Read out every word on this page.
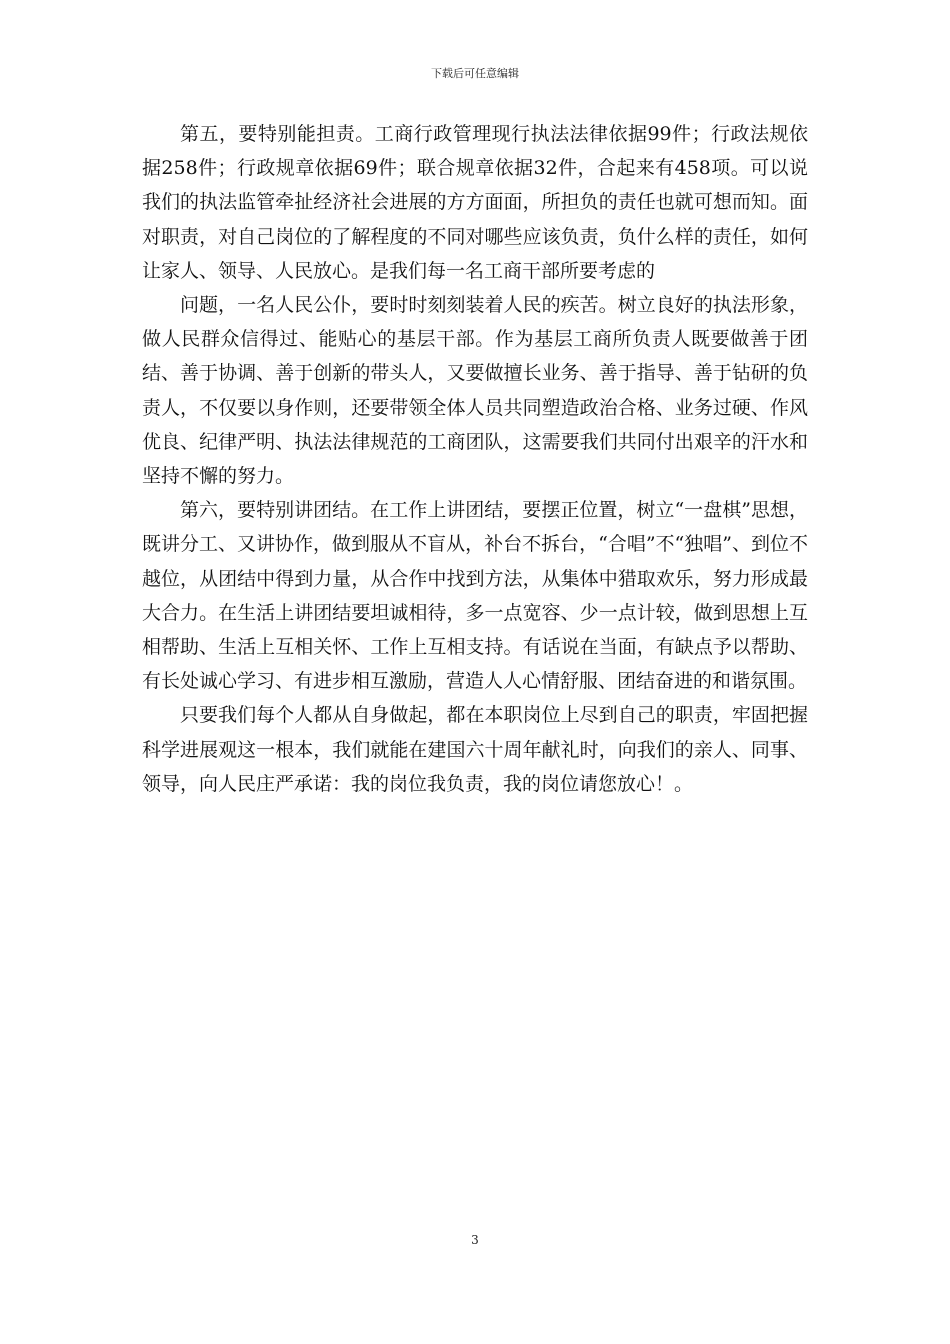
下载后可任意编辑

第五，要特别能担责。工商行政管理现行执法法律依据99件；行政法规依据258件；行政规章依据69件；联合规章依据32件，合起来有458项。可以说我们的执法监管牵扯经济社会进展的方方面面，所担负的责任也就可想而知。面对职责，对自己岗位的了解程度的不同对哪些应该负责，负什么样的责任，如何让家人、领导、人民放心。是我们每一名工商干部所要考虑的

问题，一名人民公仆，要时时刻刻装着人民的疾苦。树立良好的执法形象，做人民群众信得过、能贴心的基层干部。作为基层工商所负责人既要做善于团结、善于协调、善于创新的带头人，又要做擅长业务、善于指导、善于钻研的负责人，不仅要以身作则，还要带领全体人员共同塑造政治合格、业务过硬、作风优良、纪律严明、执法法律规范的工商团队，这需要我们共同付出艰辛的汗水和坚持不懈的努力。

第六，要特别讲团结。在工作上讲团结，要摆正位置，树立“一盘棋”思想，既讲分工、又讲协作，做到服从不盲从，补台不拆台，“合唱”不“独唱”、到位不越位，从团结中得到力量，从合作中找到方法，从集体中猎取欢乐，努力形成最大合力。在生活上讲团结要坦诚相待，多一点宽容、少一点计较，做到思想上互相帮助、生活上互相关怀、工作上互相支持。有话说在当面，有缺点予以帮助、有长处诚心学习、有进步相互激励，营造人人心情舒服、团结奋进的和谐氛围。

只要我们每个人都从自身做起，都在本职岗位上尽到自己的职责，牢固把握科学进展观这一根本，我们就能在建国六十周年献礼时，向我们的亲人、同事、领导，向人民庄严承诺：我的岗位我负责，我的岗位请您放心！。

3
